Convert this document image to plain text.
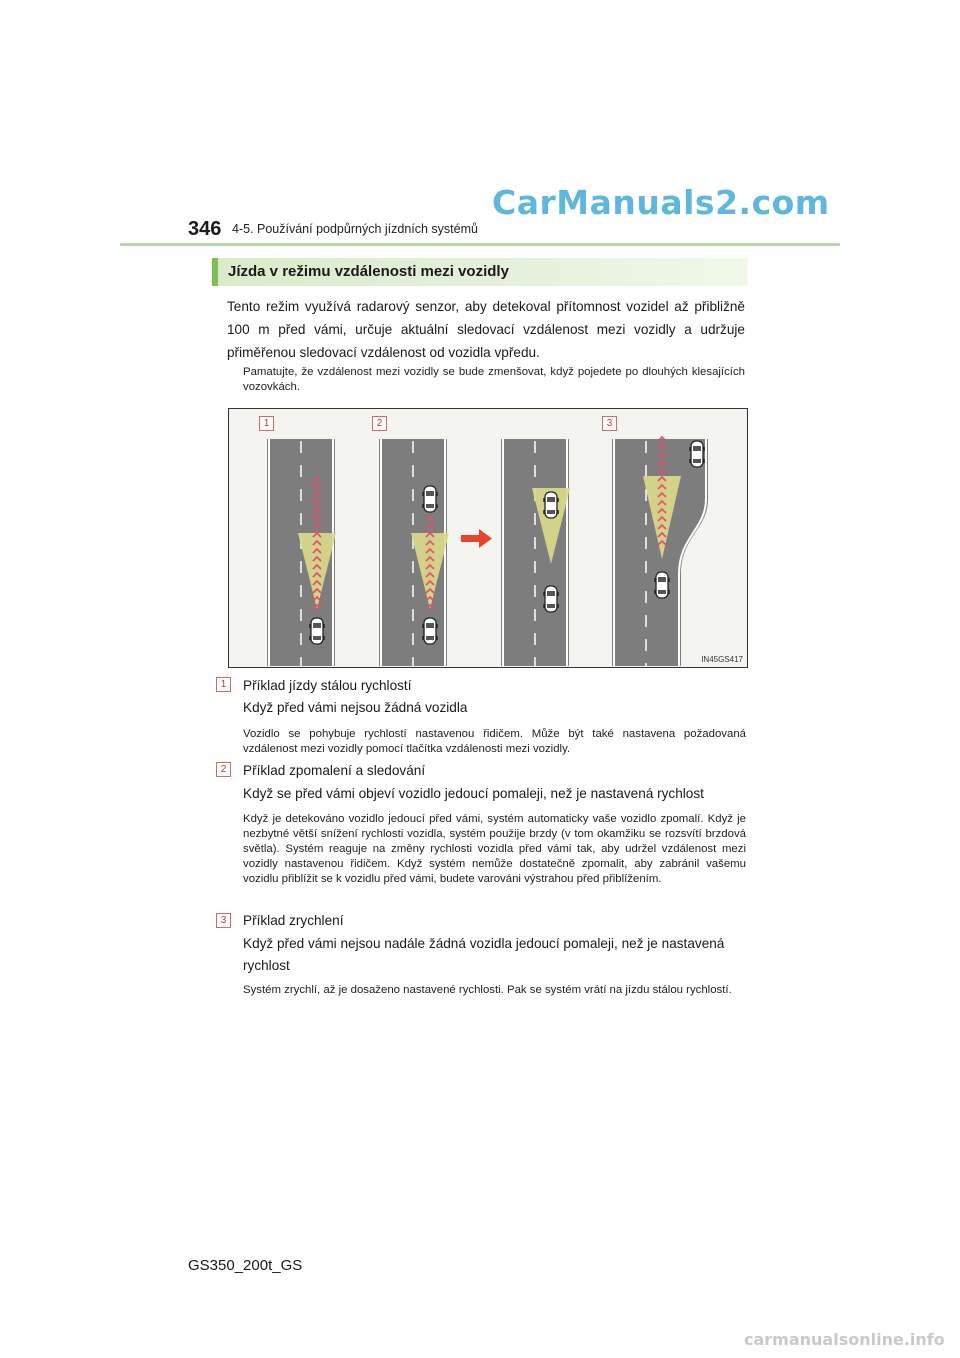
CarManuals2.com
346 4-5. Používání podpůrných jízdních systémů
Jízda v režimu vzdálenosti mezi vozidly
Tento režim využívá radarový senzor, aby detekoval přítomnost vozidel až přibližně 100 m před vámi, určuje aktuální sledovací vzdálenost mezi vozidly a udržuje přiměřenou sledovací vzdálenost od vozidla vpředu.
Pamatujte, že vzdálenost mezi vozidly se bude zmenšovat, když pojedete po dlouhých klesajících vozovkách.
1	2	3
IN45GS417
1	Příklad jízdy stálou rychlostí
Když před vámi nejsou žádná vozidla
Vozidlo se pohybuje rychlostí nastavenou řidičem. Může být také nastavena požadovaná vzdálenost mezi vozidly pomocí tlačítka vzdálenosti mezi vozidly.
2	Příklad zpomalení a sledování
Když se před vámi objeví vozidlo jedoucí pomaleji, než je nastavená rychlost
Když je detekováno vozidlo jedoucí před vámi, systém automaticky vaše vozidlo zpomalí. Když je nezbytné větší snížení rychlosti vozidla, systém použije brzdy (v tom okamžiku se rozsvítí brzdová světla). Systém reaguje na změny rychlosti vozidla před vámi tak, aby udržel vzdálenost mezi vozidly nastavenou řidičem. Když systém nemůže dostatečně zpomalit, aby zabránil vašemu vozidlu přiblížit se k vozidlu před vámi, budete varováni výstrahou před přiblížením.
3	Příklad zrychlení
Když před vámi nejsou nadále žádná vozidla jedoucí pomaleji, než je nastavená rychlost
Systém zrychlí, až je dosaženo nastavené rychlosti. Pak se systém vrátí na jízdu stálou rychlostí.
GS350_200t_GS
carmanualsonline.info
